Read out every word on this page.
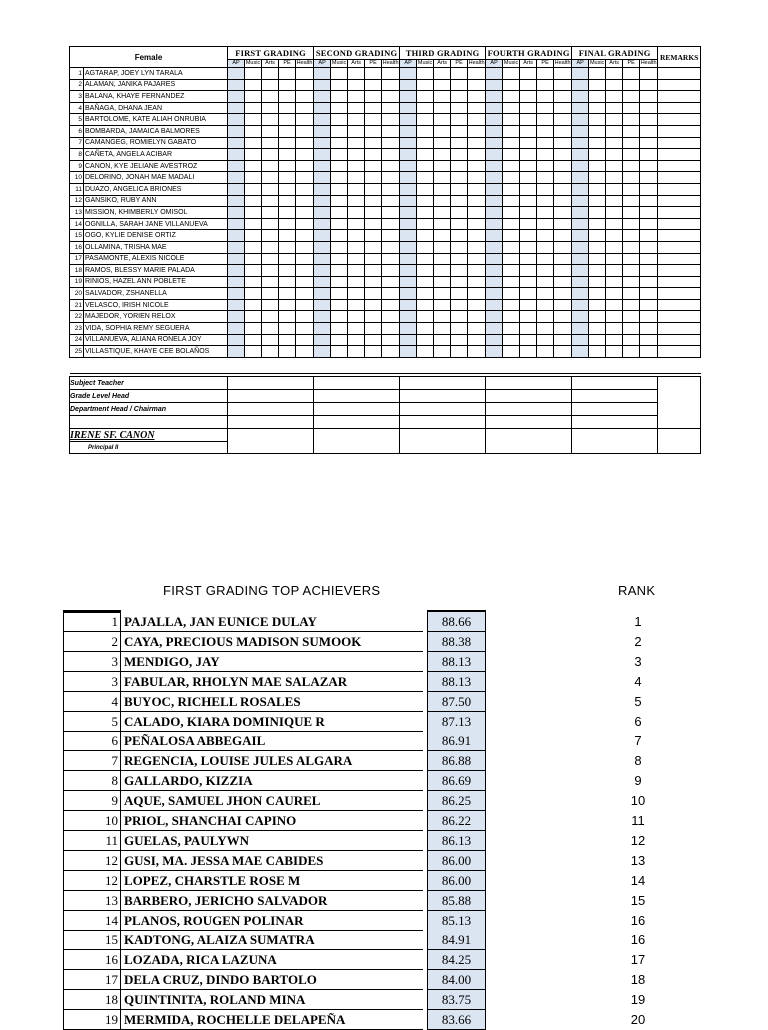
Female		FIRST GRADING					SECOND GRADING					THIRD GRADING					FOURTH GRADING					FINAL GRADING					REMARKS
		AP	Music	Arts	PE	Health	AP	Music	Arts	PE	Health	AP	Music	Arts	PE	Health	AP	Music	Arts	PE	Health	AP	Music	Arts	PE	Health	
1	AGTARAP, JOEY LYN TARALA																										
2	ALAMAN, JANIKA PAJARES																										
3	BALANA, KHAYE FERNANDEZ																										
4	BAÑAGA, DHANA JEAN																										
5	BARTOLOME, KATE ALIAH ONRUBIA																										
6	BOMBARDA, JAMAICA BALMORES																										
7	CAMANGEG, ROMIELYN GABATO																										
8	CAÑETA, ANGELA ACIBAR																										
9	CANON, KYE JELIANE AVESTROZ																										
10	DELORINO, JONAH MAE MADALI																										
11	DUAZO, ANGELICA BRIONES																										
12	GANSIKO, RUBY ANN																										
13	MISSION, KHIMBERLY OMISOL																										
14	OGNILLA, SARAH JANE VILLANUEVA																										
15	OGO, KYLIE DENISE ORTIZ																										
16	OLLAMINA, TRISHA MAE																										
17	PASAMONTE, ALEXIS NICOLE																										
18	RAMOS, BLESSY MARIE PALADA																										
19	RINIOS, HAZEL ANN POBLETE																										
20	SALVADOR, ZSHANELLA																										
21	VELASCO, IRISH NICOLE																										
22	MAJEDOR, YORIEN RELOX																										
23	VIDA, SOPHIA REMY SEGUERA																										
24	VILLANUEVA, ALIANA RONELA JOY																										
25	VILLASTIQUE, KHAYE CEE BOLAÑOS																										

Subject Teacher						
Grade Level Head						
Department Head / Chairman						

IRENE SF. CANON						
Principal II						
FIRST GRADING TOP ACHIEVERS	RANK
1 PAJALLA, JAN EUNICE DULAY	88.66	1
2 CAYA, PRECIOUS MADISON SUMOOK	88.38	2
3 MENDIGO, JAY	88.13	3
3 FABULAR, RHOLYN MAE SALAZAR	88.13	4
4 BUYOC, RICHELL ROSALES	87.50	5
5 CALADO, KIARA DOMINIQUE R	87.13	6
6 PEÑALOSA ABBEGAIL	86.91	7
7 REGENCIA, LOUISE JULES ALGARA	86.88	8
8 GALLARDO, KIZZIA	86.69	9
9 AQUE, SAMUEL JHON CAUREL	86.25	10
10 PRIOL, SHANCHAI CAPINO	86.22	11
11 GUELAS, PAULYWN	86.13	12
12 GUSI, MA. JESSA MAE CABIDES	86.00	13
12 LOPEZ, CHARSTLE ROSE M	86.00	14
13 BARBERO, JERICHO SALVADOR	85.88	15
14 PLANOS, ROUGEN POLINAR	85.13	16
15 KADTONG, ALAIZA SUMATRA	84.91	16
16 LOZADA, RICA LAZUNA	84.25	17
17 DELA CRUZ, DINDO BARTOLO	84.00	18
18 QUINTINITA, ROLAND MINA	83.75	19
19 MERMIDA, ROCHELLE DELAPEÑA	83.66	20
